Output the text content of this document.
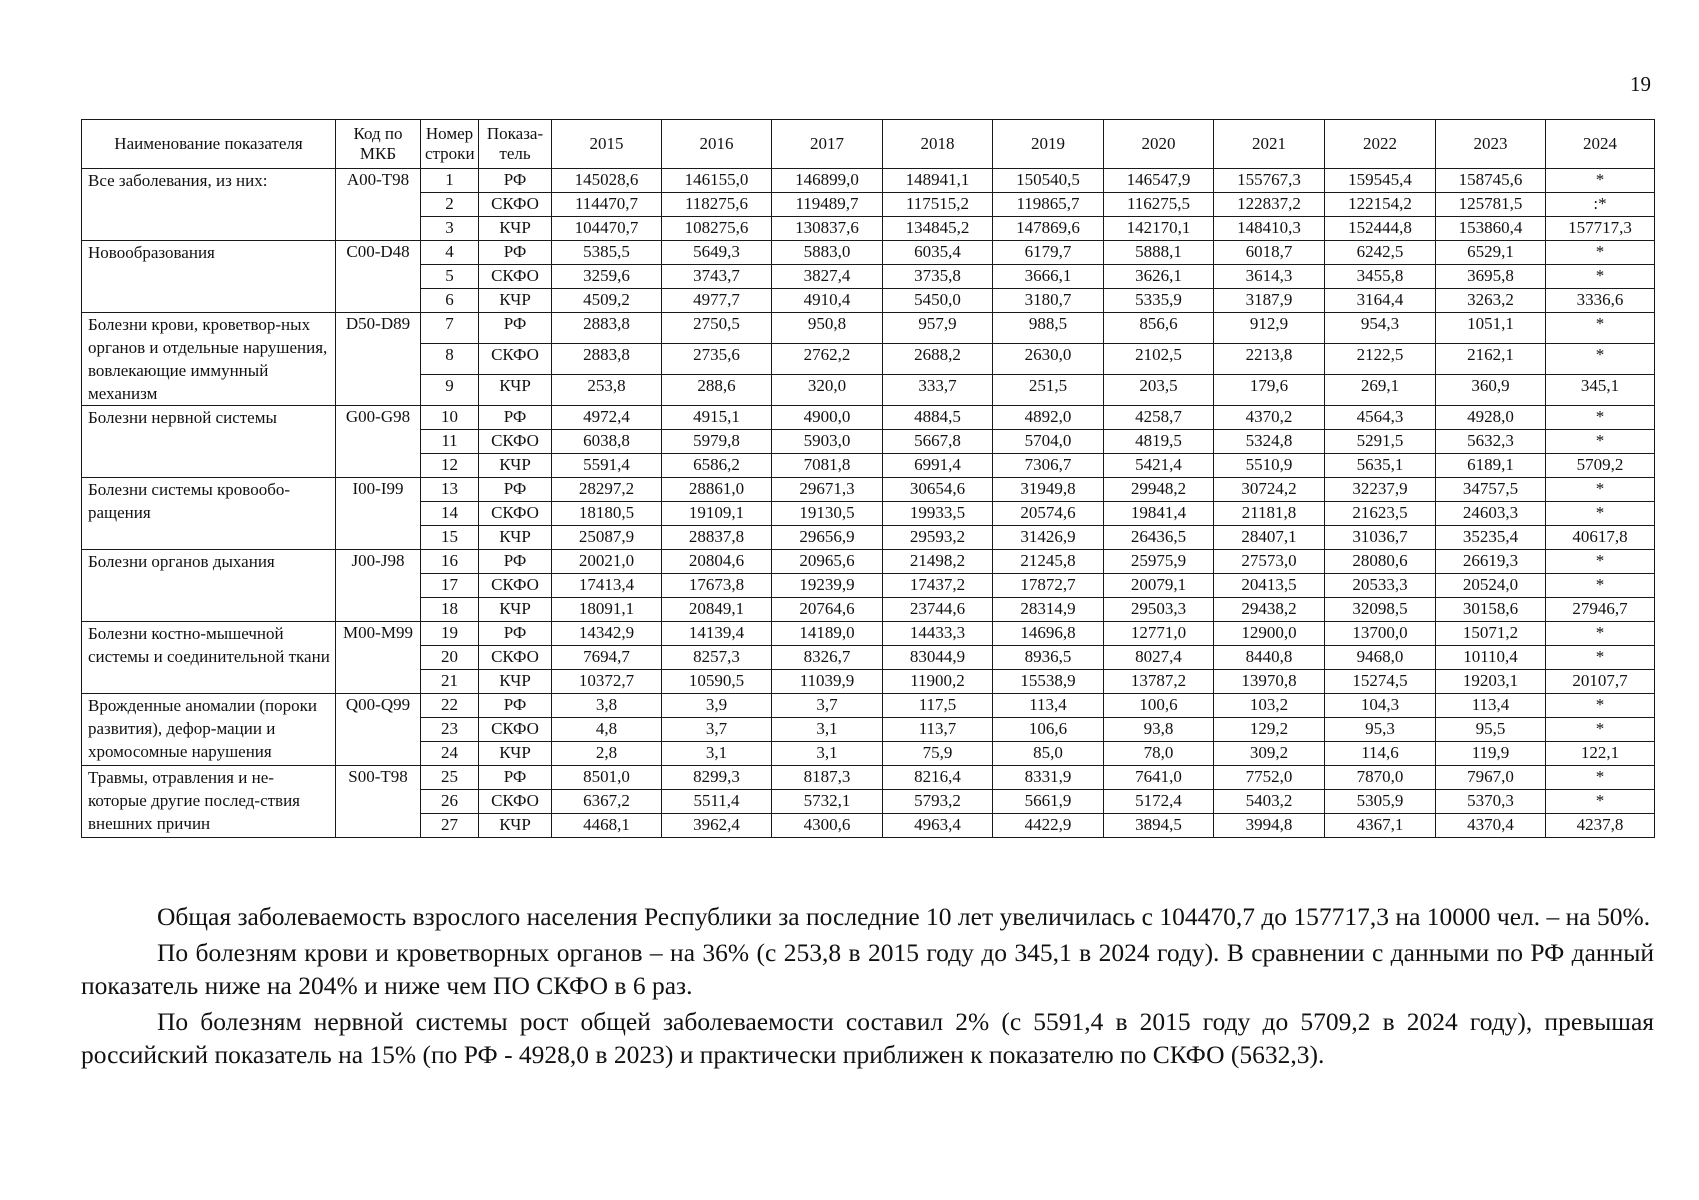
19
Наименование показателя	Код по МКБ	Номер строки	Показа-тель	2015	2016	2017	2018	2019	2020	2021	2022	2023	2024
Все заболевания, из них:	A00-T98	1	РФ	145028,6	146155,0	146899,0	148941,1	150540,5	146547,9	155767,3	159545,4	158745,6	*
		2	СКФО	114470,7	118275,6	119489,7	117515,2	119865,7	116275,5	122837,2	122154,2	125781,5	:*
		3	КЧР	104470,7	108275,6	130837,6	134845,2	147869,6	142170,1	148410,3	152444,8	153860,4	157717,3
Новообразования	C00-D48	4	РФ	5385,5	5649,3	5883,0	6035,4	6179,7	5888,1	6018,7	6242,5	6529,1	*
		5	СКФО	3259,6	3743,7	3827,4	3735,8	3666,1	3626,1	3614,3	3455,8	3695,8	*
		6	КЧР	4509,2	4977,7	4910,4	5450,0	3180,7	5335,9	3187,9	3164,4	3263,2	3336,6
Болезни крови, кроветвор-ных органов и отдельные нарушения, вовлекающие иммунный механизм	D50-D89	7	РФ	2883,8	2750,5	950,8	957,9	988,5	856,6	912,9	954,3	1051,1	*
		8	СКФО	2883,8	2735,6	2762,2	2688,2	2630,0	2102,5	2213,8	2122,5	2162,1	*
		9	КЧР	253,8	288,6	320,0	333,7	251,5	203,5	179,6	269,1	360,9	345,1
Болезни нервной системы	G00-G98	10	РФ	4972,4	4915,1	4900,0	4884,5	4892,0	4258,7	4370,2	4564,3	4928,0	*
		11	СКФО	6038,8	5979,8	5903,0	5667,8	5704,0	4819,5	5324,8	5291,5	5632,3	*
		12	КЧР	5591,4	6586,2	7081,8	6991,4	7306,7	5421,4	5510,9	5635,1	6189,1	5709,2
Болезни системы кровообо-ращения	I00-I99	13	РФ	28297,2	28861,0	29671,3	30654,6	31949,8	29948,2	30724,2	32237,9	34757,5	*
		14	СКФО	18180,5	19109,1	19130,5	19933,5	20574,6	19841,4	21181,8	21623,5	24603,3	*
		15	КЧР	25087,9	28837,8	29656,9	29593,2	31426,9	26436,5	28407,1	31036,7	35235,4	40617,8
Болезни органов дыхания	J00-J98	16	РФ	20021,0	20804,6	20965,6	21498,2	21245,8	25975,9	27573,0	28080,6	26619,3	*
		17	СКФО	17413,4	17673,8	19239,9	17437,2	17872,7	20079,1	20413,5	20533,3	20524,0	*
		18	КЧР	18091,1	20849,1	20764,6	23744,6	28314,9	29503,3	29438,2	32098,5	30158,6	27946,7
Болезни костно-мышечной системы и соединительной ткани	M00-M99	19	РФ	14342,9	14139,4	14189,0	14433,3	14696,8	12771,0	12900,0	13700,0	15071,2	*
		20	СКФО	7694,7	8257,3	8326,7	83044,9	8936,5	8027,4	8440,8	9468,0	10110,4	*
		21	КЧР	10372,7	10590,5	11039,9	11900,2	15538,9	13787,2	13970,8	15274,5	19203,1	20107,7
Врожденные аномалии (пороки развития), дефор-мации и хромосомные нарушения	Q00-Q99	22	РФ	3,8	3,9	3,7	117,5	113,4	100,6	103,2	104,3	113,4	*
		23	СКФО	4,8	3,7	3,1	113,7	106,6	93,8	129,2	95,3	95,5	*
		24	КЧР	2,8	3,1	3,1	75,9	85,0	78,0	309,2	114,6	119,9	122,1
Травмы, отравления и не-которые другие послед-ствия внешних причин	S00-T98	25	РФ	8501,0	8299,3	8187,3	8216,4	8331,9	7641,0	7752,0	7870,0	7967,0	*
		26	СКФО	6367,2	5511,4	5732,1	5793,2	5661,9	5172,4	5403,2	5305,9	5370,3	*
		27	КЧР	4468,1	3962,4	4300,6	4963,4	4422,9	3894,5	3994,8	4367,1	4370,4	4237,8

Общая заболеваемость взрослого населения Республики за последние 10 лет увеличилась с 104470,7 до 157717,3 на 10000 чел. – на 50%.

По болезням крови и кроветворных органов – на 36% (с 253,8 в 2015 году до 345,1 в 2024 году). В сравнении с данными по РФ данный показатель ниже на 204% и ниже чем ПО СКФО в 6 раз.

По болезням нервной системы рост общей заболеваемости составил 2% (с 5591,4 в 2015 году до 5709,2 в 2024 году), превышая российский показатель на 15% (по РФ - 4928,0 в 2023) и практически приближен к показателю по СКФО (5632,3).
